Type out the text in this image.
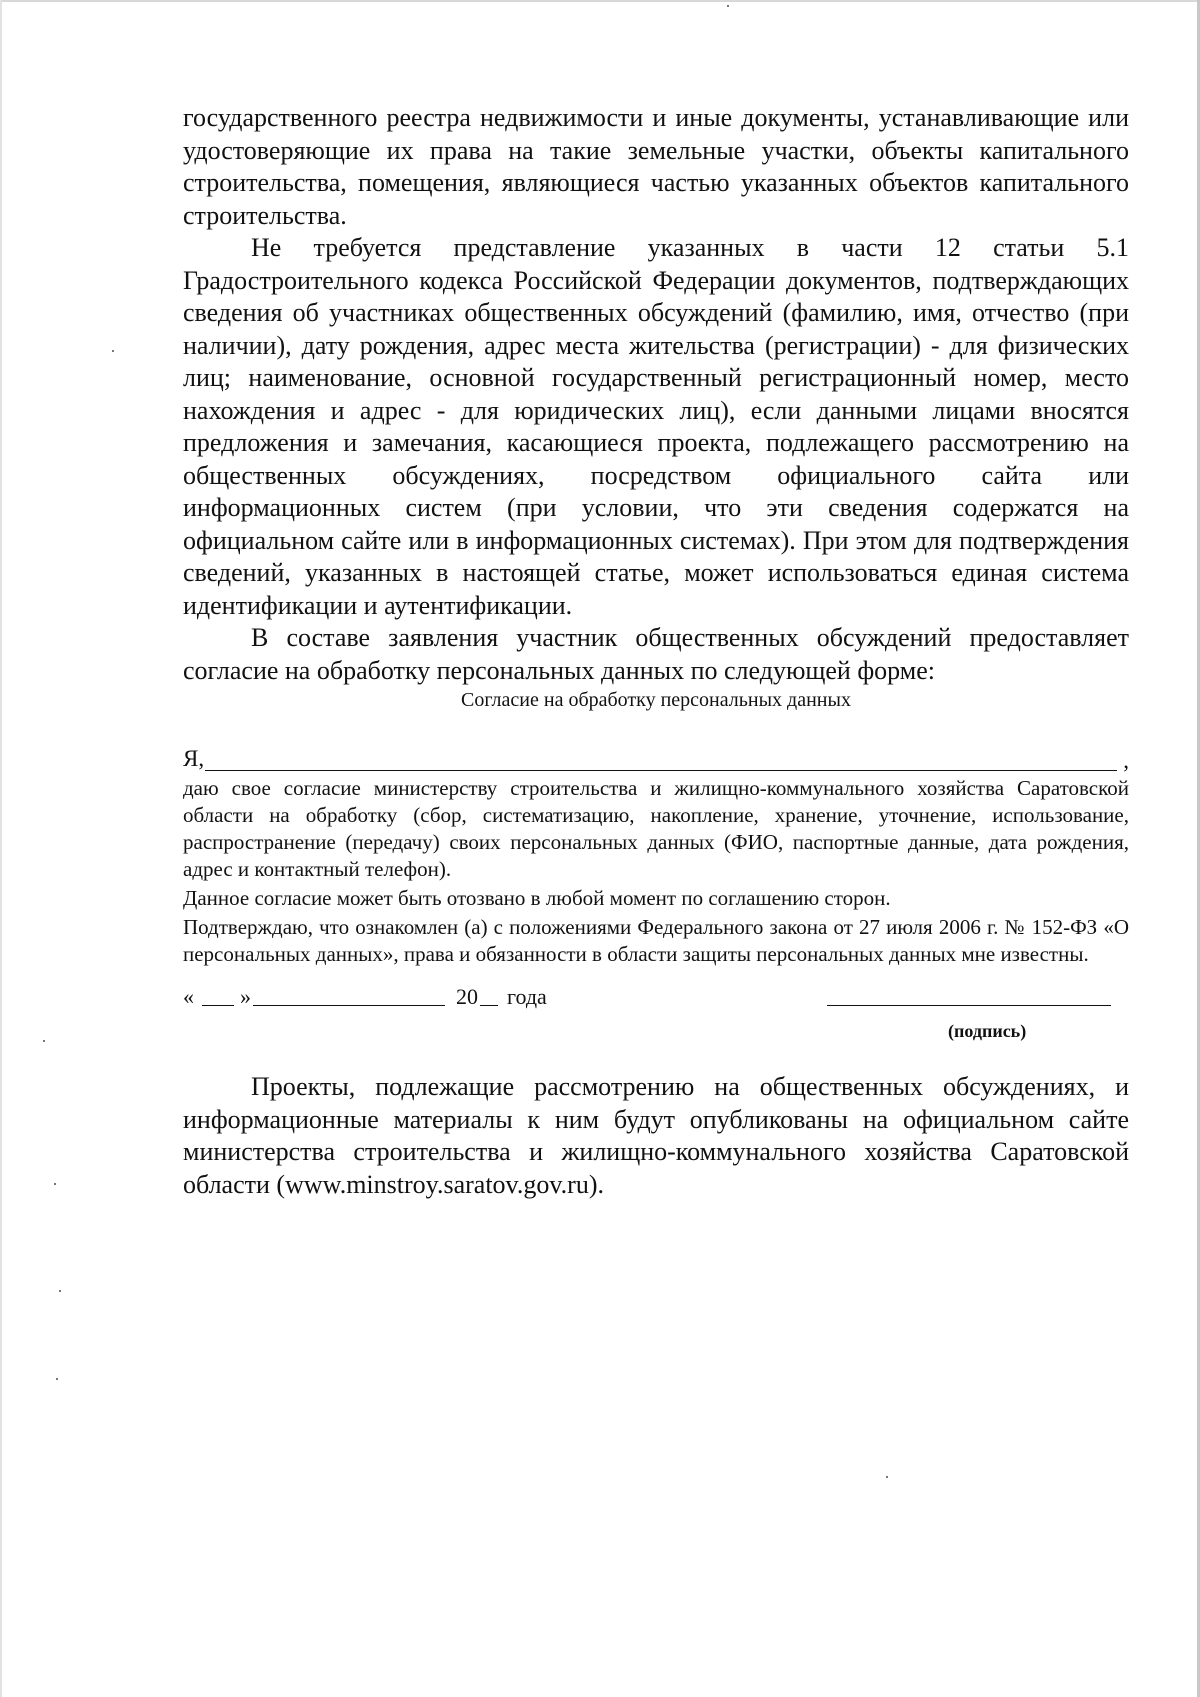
государственного реестра недвижимости и иные документы, устанавливающие или удостоверяющие их права на такие земельные участки, объекты капитального строительства, помещения, являющиеся частью указанных объектов капитального строительства.

Не требуется представление указанных в части 12 статьи 5.1 Градостроительного кодекса Российской Федерации документов, подтверждающих сведения об участниках общественных обсуждений (фамилию, имя, отчество (при наличии), дату рождения, адрес места жительства (регистрации) - для физических лиц; наименование, основной государственный регистрационный номер, место нахождения и адрес - для юридических лиц), если данными лицами вносятся предложения и замечания, касающиеся проекта, подлежащего рассмотрению на общественных обсуждениях, посредством официального сайта или информационных систем (при условии, что эти сведения содержатся на официальном сайте или в информационных системах). При этом для подтверждения сведений, указанных в настоящей статье, может использоваться единая система идентификации и аутентификации.

В составе заявления участник общественных обсуждений предоставляет согласие на обработку персональных данных по следующей форме:

Согласие на обработку персональных данных

Я,	,

даю свое согласие министерству строительства и жилищно-коммунального хозяйства Саратовской области на обработку (сбор, систематизацию, накопление, хранение, уточнение, использование, распространение (передачу) своих персональных данных (ФИО, паспортные данные, дата рождения, адрес и контактный телефон).

Данное согласие может быть отозвано в любой момент по соглашению сторон.

Подтверждаю, что ознакомлен (а) с положениями Федерального закона от 27 июля 2006 г. № 152-ФЗ «О персональных данных», права и обязанности в области защиты персональных данных мне известны.

« »	20 года
(подпись)

Проекты, подлежащие рассмотрению на общественных обсуждениях, и информационные материалы к ним будут опубликованы на официальном сайте министерства строительства и жилищно-коммунального хозяйства Саратовской области (www.minstroy.saratov.gov.ru).
